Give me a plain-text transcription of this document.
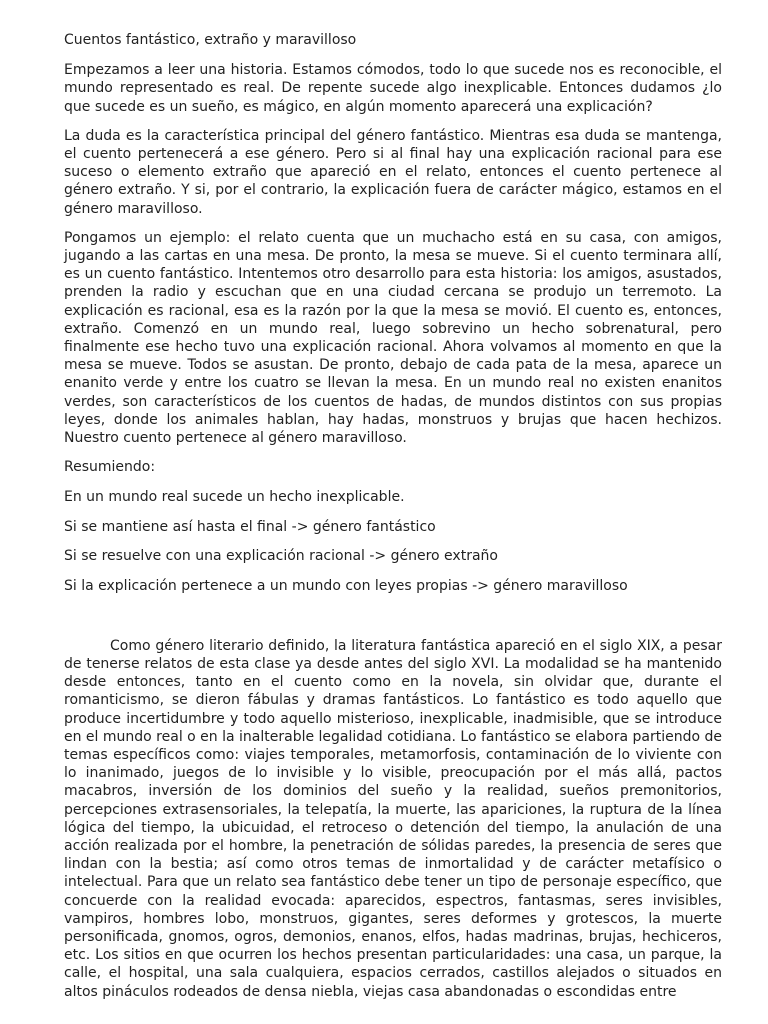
Cuentos fantástico, extraño y maravilloso

Empezamos a leer una historia. Estamos cómodos, todo lo que sucede nos es reconocible, el mundo representado es real. De repente sucede algo inexplicable. Entonces dudamos ¿lo que sucede es un sueño, es mágico, en algún momento aparecerá una explicación?

La duda es la característica principal del género fantástico. Mientras esa duda se mantenga, el cuento pertenecerá a ese género. Pero si al final hay una explicación racional para ese suceso o elemento extraño que apareció en el relato, entonces el cuento pertenece al género extraño. Y si, por el contrario, la explicación fuera de carácter mágico, estamos en el género maravilloso.

Pongamos un ejemplo: el relato cuenta que un muchacho está en su casa, con amigos, jugando a las cartas en una mesa. De pronto, la mesa se mueve. Si el cuento terminara allí, es un cuento fantástico. Intentemos otro desarrollo para esta historia: los amigos, asustados, prenden la radio y escuchan que en una ciudad cercana se produjo un terremoto. La explicación es racional, esa es la razón por la que la mesa se movió. El cuento es, entonces, extraño. Comenzó en un mundo real, luego sobrevino un hecho sobrenatural, pero finalmente ese hecho tuvo una explicación racional. Ahora volvamos al momento en que la mesa se mueve. Todos se asustan. De pronto, debajo de cada pata de la mesa, aparece un enanito verde y entre los cuatro se llevan la mesa. En un mundo real no existen enanitos verdes, son característicos de los cuentos de hadas, de mundos distintos con sus propias leyes, donde los animales hablan, hay hadas, monstruos y brujas que hacen hechizos. Nuestro cuento pertenece al género maravilloso.

Resumiendo:

En un mundo real sucede un hecho inexplicable.

Si se mantiene así hasta el final -> género fantástico

Si se resuelve con una explicación racional -> género extraño

Si la explicación pertenece a un mundo con leyes propias -> género maravilloso

Como género literario definido, la literatura fantástica apareció en el siglo XIX, a pesar de tenerse relatos de esta clase ya desde antes del siglo XVI. La modalidad se ha mantenido desde entonces, tanto en el cuento como en la novela, sin olvidar que, durante el romanticismo, se dieron fábulas y dramas fantásticos. Lo fantástico es todo aquello que produce incertidumbre y todo aquello misterioso, inexplicable, inadmisible, que se introduce en el mundo real o en la inalterable legalidad cotidiana. Lo fantástico se elabora partiendo de temas específicos como: viajes temporales, metamorfosis, contaminación de lo viviente con lo inanimado, juegos de lo invisible y lo visible, preocupación por el más allá, pactos macabros, inversión de los dominios del sueño y la realidad, sueños premonitorios, percepciones extrasensoriales, la telepatía, la muerte, las apariciones, la ruptura de la línea lógica del tiempo, la ubicuidad, el retroceso o detención del tiempo, la anulación de una acción realizada por el hombre, la penetración de sólidas paredes, la presencia de seres que lindan con la bestia; así como otros temas de inmortalidad y de carácter metafísico o intelectual. Para que un relato sea fantástico debe tener un tipo de personaje específico, que concuerde con la realidad evocada: aparecidos, espectros, fantasmas, seres invisibles, vampiros, hombres lobo, monstruos, gigantes, seres deformes y grotescos, la muerte personificada, gnomos, ogros, demonios, enanos, elfos, hadas madrinas, brujas, hechiceros, etc. Los sitios en que ocurren los hechos presentan particularidades: una casa, un parque, la calle, el hospital, una sala cualquiera, espacios cerrados, castillos alejados o situados en altos pináculos rodeados de densa niebla, viejas casa abandonadas o escondidas entre
